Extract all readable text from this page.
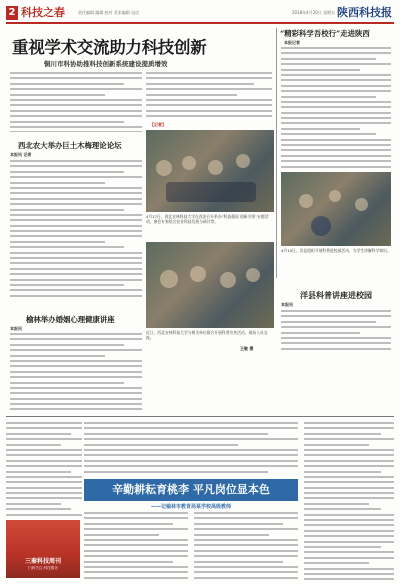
2 科技之春	责任编辑 编辑 校对 美术编辑 电话	2018年4月20日 星期五 陕西科技报
重视学术交流助力科技创新
铜川市科协助推科技创新系统建设提质增效
【记者】
“精彩科学吾校行”走进陕西
本报记者
4月10日，洋县组织开展科普进校园活动，为学生讲解科学知识。
4月17日，西北农林科技大学在西安召开举办“科技强国 创新引领”专题活动，参会专家结合农业科技发展与研讨等。
近日，西北农林科技大学与相关单位联合开展科普宣传活动，现场人员交流。
王敏 摄
西北农大举办巨土木梅理论论坛
本报讯 记者
榆林举办婚姻心理健康讲座
本报讯
洋县科普讲座进校园
本报讯
辛勤耕耘育桃李 平凡岗位显本色
——记榆林市教育局某学校高级教师
三秦科技周刊
扫码关注 科技服务
